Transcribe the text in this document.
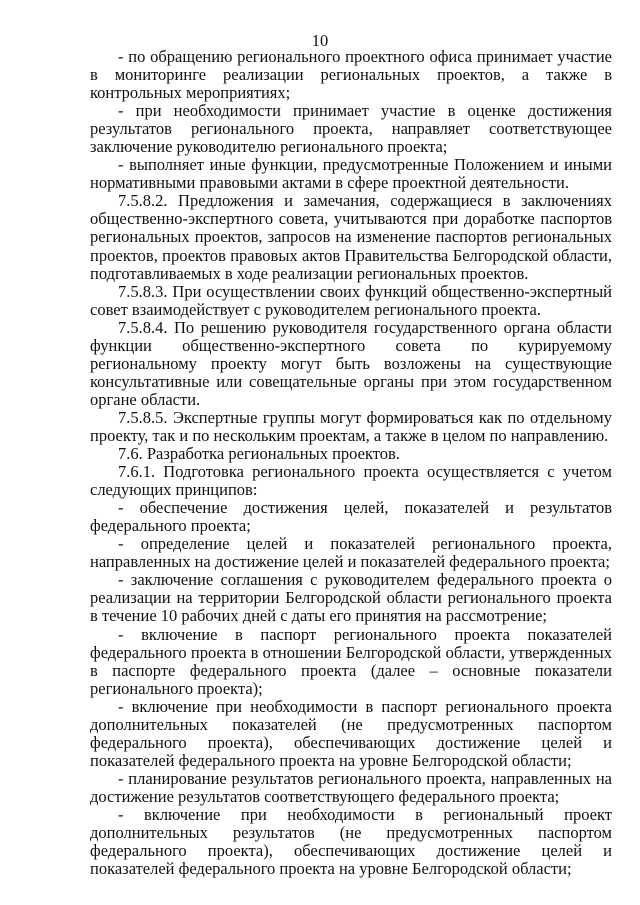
10

- по обращению регионального проектного офиса принимает участие в мониторинге реализации региональных проектов, а также в контрольных мероприятиях;

- при необходимости принимает участие в оценке достижения результатов регионального проекта, направляет соответствующее заключение руководителю регионального проекта;

- выполняет иные функции, предусмотренные Положением и иными нормативными правовыми актами в сфере проектной деятельности.

7.5.8.2. Предложения и замечания, содержащиеся в заключениях общественно-экспертного совета, учитываются при доработке паспортов региональных проектов, запросов на изменение паспортов региональных проектов, проектов правовых актов Правительства Белгородской области, подготавливаемых в ходе реализации региональных проектов.

7.5.8.3. При осуществлении своих функций общественно-экспертный совет взаимодействует с руководителем регионального проекта.

7.5.8.4. По решению руководителя государственного органа области функции общественно-экспертного совета по курируемому региональному проекту могут быть возложены на существующие консультативные или совещательные органы при этом государственном органе области.

7.5.8.5. Экспертные группы могут формироваться как по отдельному проекту, так и по нескольким проектам, а также в целом по направлению.

7.6. Разработка региональных проектов.

7.6.1. Подготовка регионального проекта осуществляется с учетом следующих принципов:

- обеспечение достижения целей, показателей и результатов федерального проекта;

- определение целей и показателей регионального проекта, направленных на достижение целей и показателей федерального проекта;

- заключение соглашения с руководителем федерального проекта о реализации на территории Белгородской области регионального проекта в течение 10 рабочих дней с даты его принятия на рассмотрение;

- включение в паспорт регионального проекта показателей федерального проекта в отношении Белгородской области, утвержденных в паспорте федерального проекта (далее – основные показатели регионального проекта);

- включение при необходимости в паспорт регионального проекта дополнительных показателей (не предусмотренных паспортом федерального проекта), обеспечивающих достижение целей и показателей федерального проекта на уровне Белгородской области;

- планирование результатов регионального проекта, направленных на достижение результатов соответствующего федерального проекта;

- включение при необходимости в региональный проект дополнительных результатов (не предусмотренных паспортом федерального проекта), обеспечивающих достижение целей и показателей федерального проекта на уровне Белгородской области;
